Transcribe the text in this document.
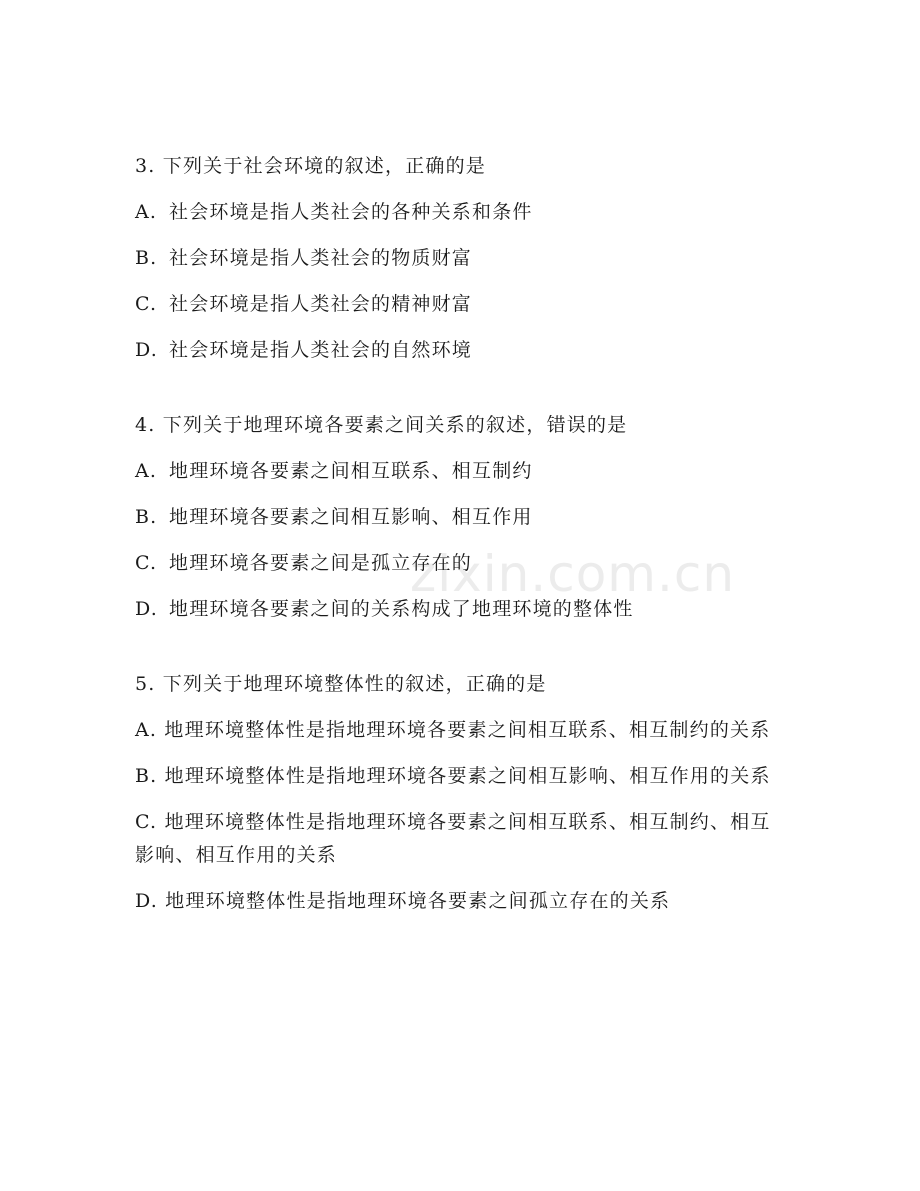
zixin.com.cn
3. 下列关于社会环境的叙述，正确的是
A. 社会环境是指人类社会的各种关系和条件
B. 社会环境是指人类社会的物质财富
C. 社会环境是指人类社会的精神财富
D. 社会环境是指人类社会的自然环境
4. 下列关于地理环境各要素之间关系的叙述，错误的是
A. 地理环境各要素之间相互联系、相互制约
B. 地理环境各要素之间相互影响、相互作用
C. 地理环境各要素之间是孤立存在的
D. 地理环境各要素之间的关系构成了地理环境的整体性
5. 下列关于地理环境整体性的叙述，正确的是
A. 地理环境整体性是指地理环境各要素之间相互联系、相互制约的关系
B. 地理环境整体性是指地理环境各要素之间相互影响、相互作用的关系
C. 地理环境整体性是指地理环境各要素之间相互联系、相互制约、相互影响、相互作用的关系
D. 地理环境整体性是指地理环境各要素之间孤立存在的关系
